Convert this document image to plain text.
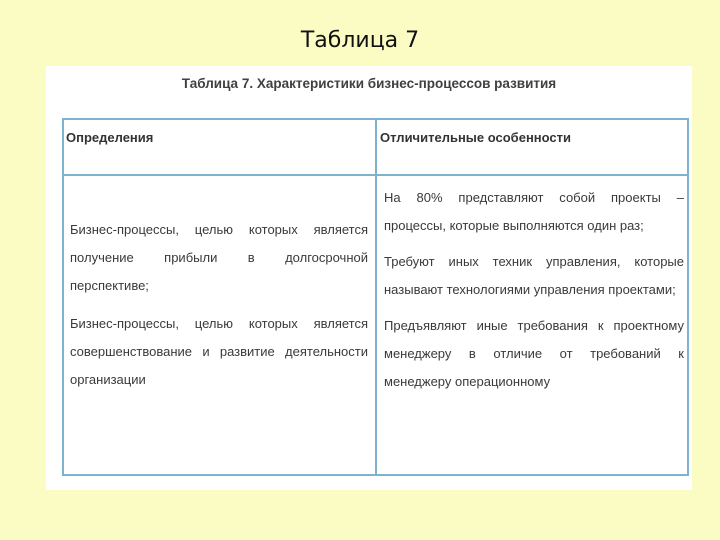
Таблица 7
Таблица 7. Характеристики бизнес-процессов развития
Определения	Отличительные особенности

Бизнес-процессы, целью которых является получение прибыли в долгосрочной перспективе;

Бизнес-процессы, целью которых является совершенствование и развитие деятельности организации

На 80% представляют собой проекты – процессы, которые выполняются один раз;

Требуют иных техник управления, которые называют технологиями управления проектами;

Предъявляют иные требования к проектному менеджеру в отличие от требований к менеджеру операционному
